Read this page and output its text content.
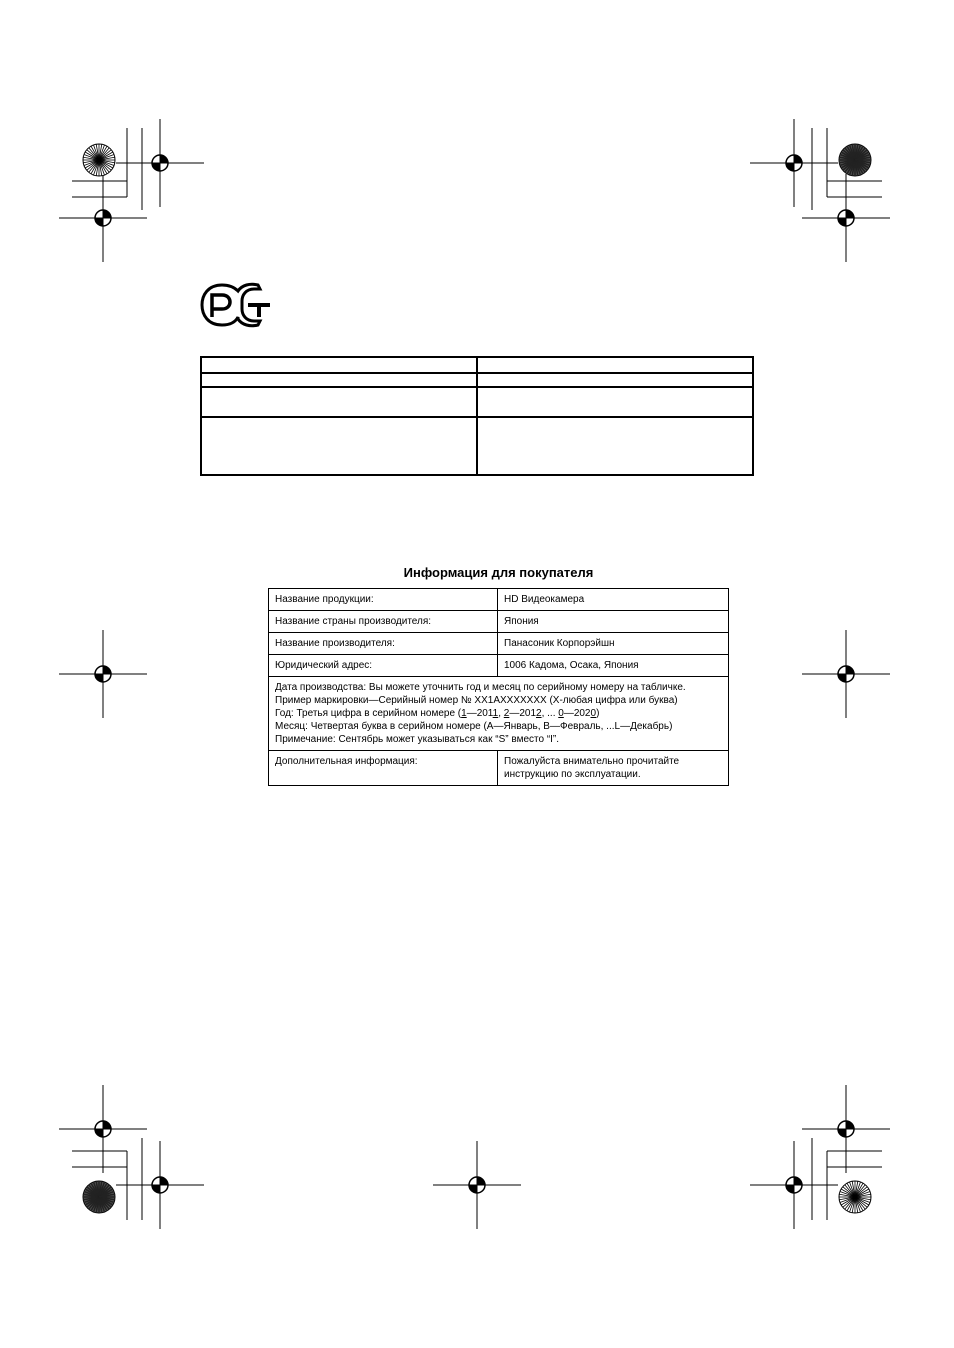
Информация для покупателя
Название продукции:	HD Видеокамера
Название страны производителя:	Япония
Название производителя:	Панасоник Корпорэйшн
Юридический адрес:	1006 Кадома, Осака, Япония

Дата производства: Вы можете уточнить год и месяц по серийному номеру на табличке.
Пример маркировки—Серийный номер № XX1AXXXXXXX (X-любая цифра или буква)
Год: Третья цифра в серийном номере (1—2011, 2—2012, ... 0—2020)
Месяц: Четвертая буква в серийном номере (A—Январь, B—Февраль, ...L—Декабрь)
Примечание: Сентябрь может указываться как “S” вместо “I”.	

Дополнительная информация:	Пожалуйста внимательно прочитайте
инструкцию по эксплуатации.
